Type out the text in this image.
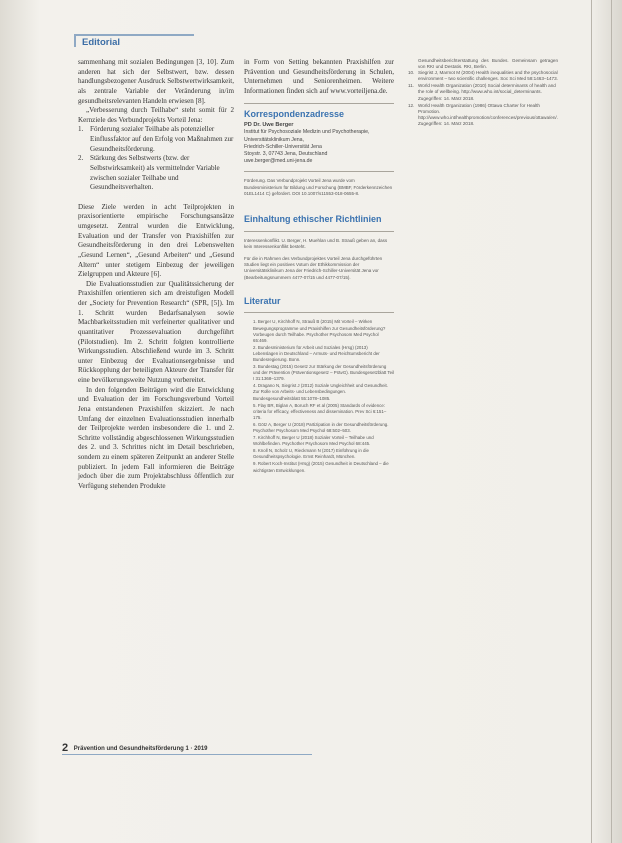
Editorial

sammenhang mit sozialen Bedingungen [3, 10]. Zum anderen hat sich der Selbstwert, bzw. dessen handlungsbezogener Ausdruck Selbstwertwirksamkeit, als zentrale Variable der Veränderung in/im gesundheitsrelevanten Handeln erwiesen [8].

„Verbesserung durch Teilhabe“ steht somit für 2 Kernziele des Verbundprojekts Vorteil Jena:

1. Förderung sozialer Teilhabe als potenzieller Einflussfaktor auf den Erfolg von Maßnahmen zur Gesundheitsförderung.
2. Stärkung des Selbstwerts (bzw. der Selbstwirksamkeit) als vermittelnder Variable zwischen sozialer Teilhabe und Gesundheitsverhalten.

Diese Ziele werden in acht Teilprojekten in praxisorientierte empirische Forschungsansätze umgesetzt. Zentral wurden die Entwicklung, Evaluation und der Transfer von Praxishilfen zur Gesundheitsförderung in den drei Lebenswelten „Gesund Lernen“, „Gesund Arbeiten“ und „Gesund Altern“ unter stetigem Einbezug der jeweiligen Zielgruppen und Akteure [6].

Die Evaluationsstudien zur Qualitätssicherung der Praxishilfen orientieren sich am dreistufigen Modell der „Society for Prevention Research“ (SPR, [5]). Im 1. Schritt wurden Bedarfsanalysen sowie Machbarkeitsstudien mit verfeinerter qualitativer und quantitativer Prozessevaluation durchgeführt (Pilotstudien). Im 2. Schritt folgten kontrollierte Wirkungsstudien. Abschließend wurde im 3. Schritt unter Einbezug der Evaluationsergebnisse und Rückkopplung der beteiligten Akteure der Transfer für eine bevölkerungsweite Nutzung vorbereitet.

In den folgenden Beiträgen wird die Entwicklung und Evaluation der im Forschungsverbund Vorteil Jena entstandenen Praxishilfen skizziert. Je nach Umfang der einzelnen Evaluationsstudien innerhalb der Teilprojekte werden insbesondere die 1. und 2. Schritte vollständig abgeschlossenen Wirkungsstudien des 2. und 3. Schrittes nicht im Detail beschrieben, sondern zu einem späteren Zeitpunkt an anderer Stelle publiziert. In jedem Fall informieren die Beiträge jedoch über die zum Projektabschluss öffentlich zur Verfügung stehenden Produkte

in Form von Setting bekannten Praxishilfen zur Prävention und Gesundheitsförderung in Schulen, Unternehmen und Seniorenheimen. Weitere Informationen finden sich auf www.vorteiljena.de.

Korrespondenzadresse
PD Dr. Uwe Berger
Institut für Psychosoziale Medizin und Psychotherapie, Universitätsklinikum Jena,
Friedrich-Schiller-Universität Jena
Stoystr. 3, 07743 Jena, Deutschland
uwe.berger@med.uni-jena.de
Förderung. Das Verbundprojekt Vorteil Jena wurde vom Bundesministerium für Bildung und Forschung (BMBF, Förderkennzeichen 01EL1414 C) gefördert. DOI 10.1007/s11553-018-0655-8.
Einhaltung ethischer Richtlinien
Interessenkonflikt. U. Berger, H. Muehlan und B. Strauß geben an, dass kein Interessenkonflikt besteht.
Für die in Rahmen des Verbundprojektes Vorteil Jena durchgeführten Studien liegt ein positives Votum der Ethikkommission der Universitätsklinikum Jena der Friedrich-Schiller-Universität Jena vor (Bearbeitungsnummern 4477-07/15 und 4477-07/15).
Literatur
1. Berger U, Kirchhoff N, Strauß B (2015) Mit Vorteil – Wirken Bewegungsprogramme und Praxishilfen zur Gesundheitsförderung? Vorbeugen durch Teilhabe. Psychother Psychosom Med Psychol 65:469.
2. Bundesministerium für Arbeit und Soziales (Hrsg) (2013) Lebenslagen in Deutschland – Armuts- und Reichtumsbericht der Bundesregierung. Bonn.
3. Bundestag (2015) Gesetz zur Stärkung der Gesundheitsförderung und der Prävention (Präventionsgesetz – PrävG). Bundesgesetzblatt Teil I 31:1368–1379.
4. Dragano N, Siegrist J (2012) Soziale Ungleichheit und Gesundheit. Zur Rolle von Arbeits- und Lebensbedingungen. Bundesgesundheitsblatt 55:1078–1085.
5. Flay BR, Biglan A, Boruch RF et al (2005) Standards of evidence: criteria for efficacy, effectiveness and dissemination. Prev Sci 6:151–175.
6. Götz A, Berger U (2018) Partizipation in der Gesundheitsförderung. Psychother Psychosom Med Psychol 68:502–503.
7. Kirchhoff N, Berger U (2018) Sozialer Vorteil – Teilhabe und Wohlbefinden. Psychother Psychosom Med Psychol 68:445.
8. Knoll N, Scholz U, Rieckmann N (2017) Einführung in die Gesundheitspsychologie. Ernst Reinhardt, München.
9. Robert Koch-Institut (Hrsg) (2015) Gesundheit in Deutschland – die wichtigsten Entwicklungen.

Gesundheitsberichterstattung des Bundes. Gemeinsam getragen von RKI und Destatis. RKI, Berlin.

10. Siegrist J, Marmot M (2004) Health inequalities and the psychosocial environment – two scientific challenges. Soc Sci Med 58:1463–1473.
11. World Health Organization (2010) Social determinants of health and the role of wellbeing. http://www.who.int/social_determinants. Zugegriffen: 14. März 2018.
12. World Health Organization (1986) Ottawa Charter for Health Promotion. http://www.who.int/healthpromotion/conferences/previous/ottawa/en/. Zugegriffen: 14. März 2018.
2 Prävention und Gesundheitsförderung 1 · 2019
